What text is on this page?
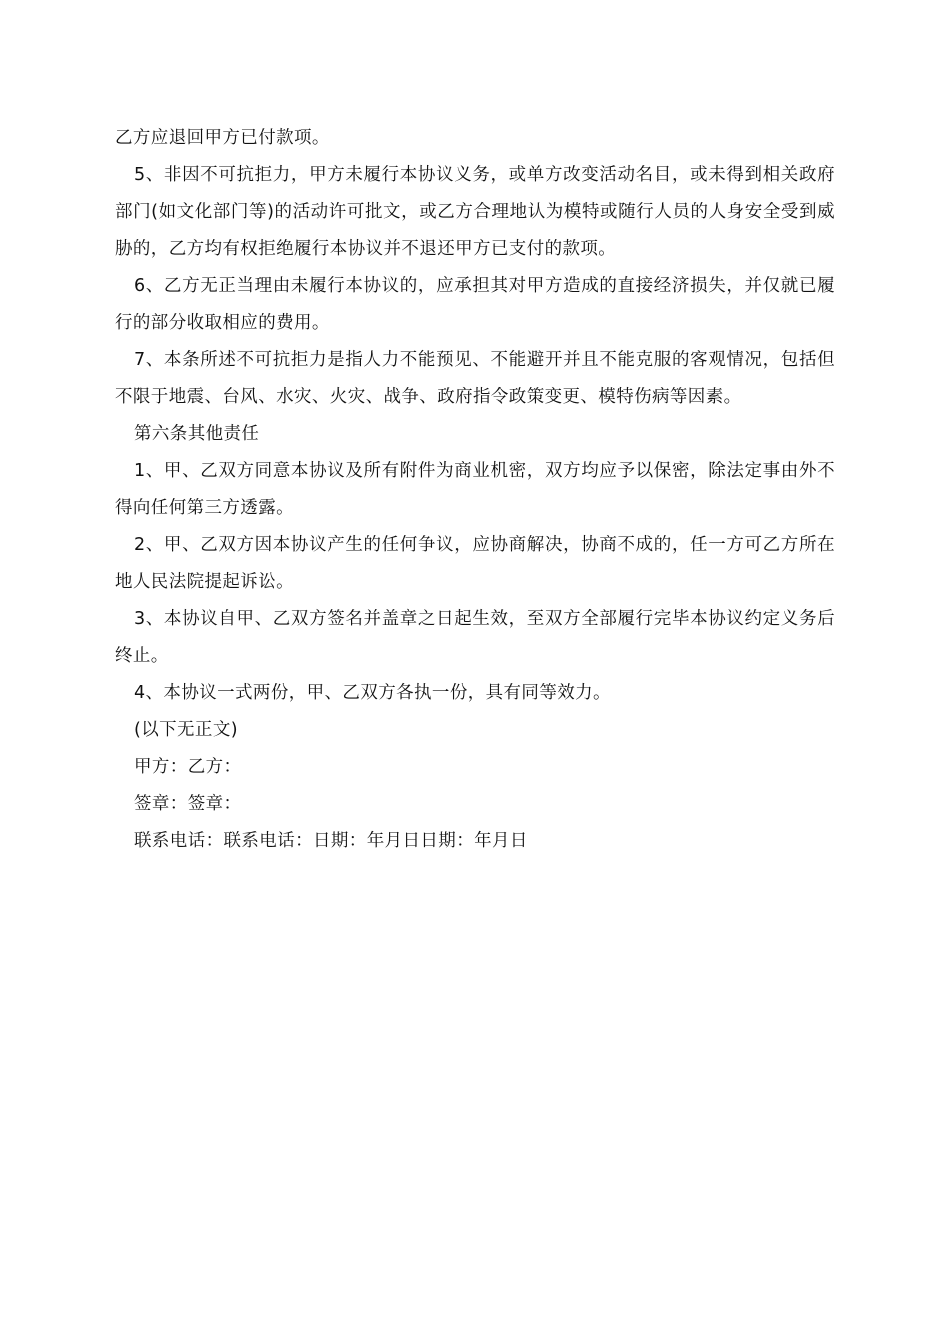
乙方应退回甲方已付款项。

5、非因不可抗拒力，甲方未履行本协议义务，或单方改变活动名目，或未得到相关政府部门(如文化部门等)的活动许可批文，或乙方合理地认为模特或随行人员的人身安全受到威胁的，乙方均有权拒绝履行本协议并不退还甲方已支付的款项。

6、乙方无正当理由未履行本协议的，应承担其对甲方造成的直接经济损失，并仅就已履行的部分收取相应的费用。

7、本条所述不可抗拒力是指人力不能预见、不能避开并且不能克服的客观情况，包括但不限于地震、台风、水灾、火灾、战争、政府指令政策变更、模特伤病等因素。

第六条其他责任

1、甲、乙双方同意本协议及所有附件为商业机密，双方均应予以保密，除法定事由外不得向任何第三方透露。

2、甲、乙双方因本协议产生的任何争议，应协商解决，协商不成的，任一方可乙方所在地人民法院提起诉讼。

3、本协议自甲、乙双方签名并盖章之日起生效，至双方全部履行完毕本协议约定义务后终止。

4、本协议一式两份，甲、乙双方各执一份，具有同等效力。

(以下无正文)

甲方：乙方：

签章：签章：

联系电话：联系电话：日期：年月日日期：年月日
